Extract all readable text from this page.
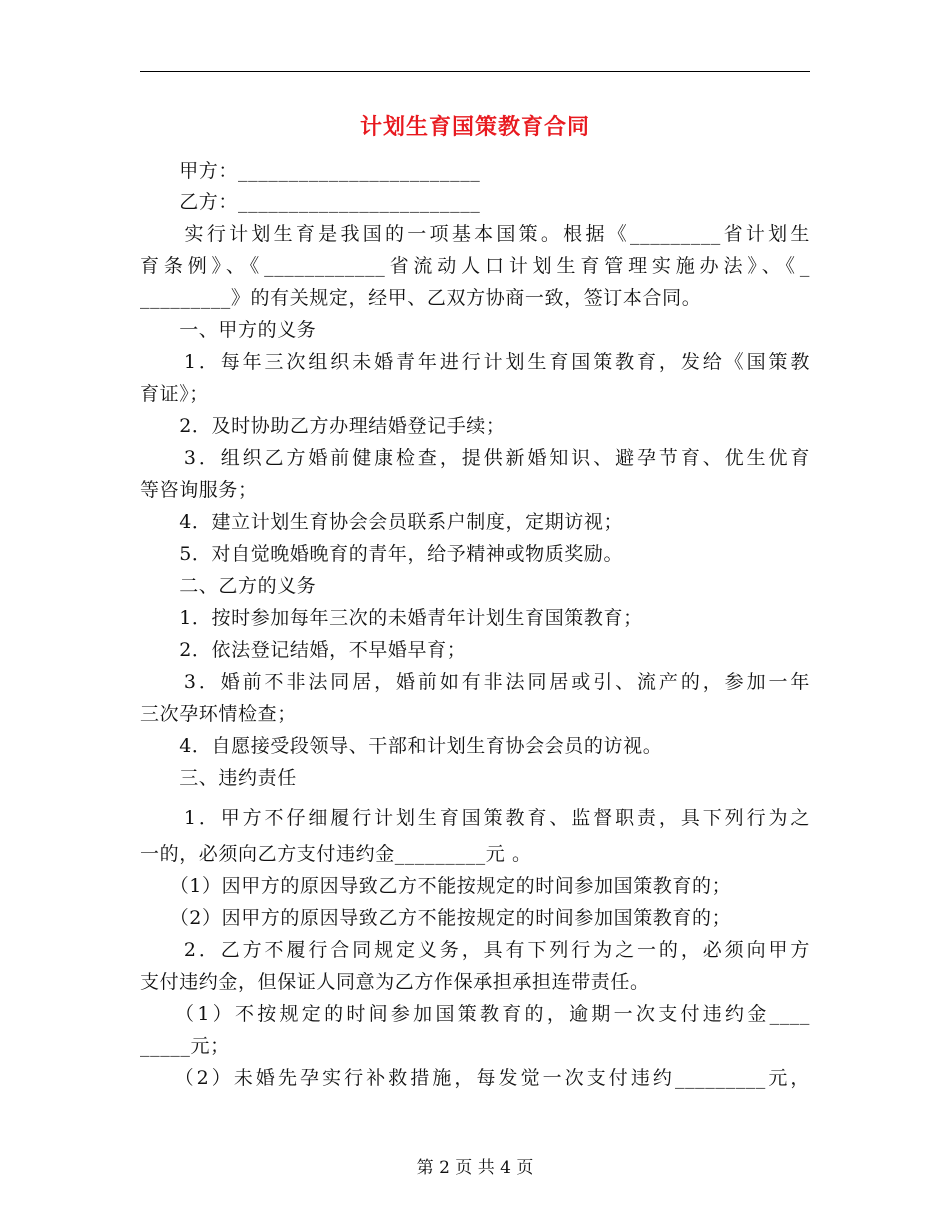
计划生育国策教育合同
　　甲方：________________________
　　乙方：________________________
　　实行计划生育是我国的一项基本国策。根据《_________省计划生
育条例》、《____________省流动人口计划生育管理实施办法》、《_
_________》的有关规定，经甲、乙双方协商一致，签订本合同。
　　一、甲方的义务
　　1．每年三次组织未婚青年进行计划生育国策教育，发给《国策教
育证》；
　　2．及时协助乙方办理结婚登记手续；
　　3．组织乙方婚前健康检查，提供新婚知识、避孕节育、优生优育
等咨询服务；
　　4．建立计划生育协会会员联系户制度，定期访视；
　　5．对自觉晚婚晚育的青年，给予精神或物质奖励。
　　二、乙方的义务
　　1．按时参加每年三次的未婚青年计划生育国策教育；
　　2．依法登记结婚，不早婚早育；
　　3．婚前不非法同居，婚前如有非法同居或引、流产的，参加一年
三次孕环情检查；
　　4．自愿接受段领导、干部和计划生育协会会员的访视。
　　三、违约责任
　　1．甲方不仔细履行计划生育国策教育、监督职责，具下列行为之
一的，必须向乙方支付违约金_________元 。
　　（1）因甲方的原因导致乙方不能按规定的时间参加国策教育的；
　　（2）因甲方的原因导致乙方不能按规定的时间参加国策教育的；
　　2．乙方不履行合同规定义务，具有下列行为之一的，必须向甲方
支付违约金，但保证人同意为乙方作保承担承担连带责任。
　　（1）不按规定的时间参加国策教育的，逾期一次支付违约金____
_____元；
　　（2）未婚先孕实行补救措施，每发觉一次支付违约_________元，
第 2 页 共 4 页
